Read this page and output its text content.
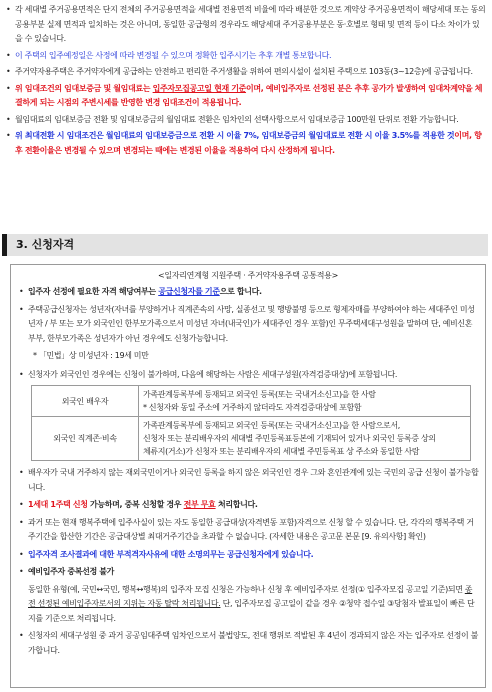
• 각 세대별 주거공용면적은 단지 전체의 주거공용면적을 세대별 전용면적 비율에 따라 배분한 것으로 계약상 주거공용면적이 해당세대 또는 동의 공용부분 실제 면적과 일치하는 것은 아니며, 동일한 공급형의 경우라도 해당세대 주거공용부분은 동·호별로 형태 및 면적 등이 다소 차이가 있을 수 있습니다.
• 이 주택의 입주예정일은 사정에 따라 변경될 수 있으며 정확한 입주시기는 추후 개별 통보합니다.
• 주거약자용주택은 주거약자에게 공급하는 안전하고 편리한 주거생활을 위하여 편의시설이 설치된 주택으로 103동(3~12층)에 공급됩니다.
• 위 임대조건의 임대보증금 및 월임대료는 입주자모집공고일 현재 기준이며, 예비입주자로 선정된 분은 추후 공가가 발생하여 임대차계약을 체결하게 되는 시점의 주변시세를 반영한 변경 임대조건이 적용됩니다.
• 월임대료의 임대보증금 전환 및 임대보증금의 월임대료 전환은 임차인의 선택사항으로서 임대보증금 100만원 단위로 전환 가능합니다.
• 위 최대전환 시 임대조건은 월임대료의 임대보증금으로 전환 시 이율 7%, 임대보증금의 월임대료로 전환 시 이율 3.5%를 적용한 것이며, 향후 전환이율은 변경될 수 있으며 변경되는 때에는 변경된 이율을 적용하여 다시 산정하게 됩니다.
3. 신청자격
<일자리연계형 지원주택 · 주거약자용주택 공통적용>
• 입주자 선정에 필요한 자격 해당여부는 공급신청자를 기준으로 합니다.
• 주택공급신청자는 성년자(자녀를 부양하거나 직계존속의 사망, 실종선고 및 행방불명 등으로 형제자매를 부양하여야 하는 세대주인 미성년자 / 부 또는 모가 외국인인 한부모가족으로서 미성년 자녀(내국인)가 세대주인 경우 포함)인 무주택세대구성원을 말하며 단, 예비신혼부부, 한부모가족은 성년자가 아닌 경우에도 신청가능합니다.
* 「민법」상 미성년자 : 19세 미만
• 신청자가 외국인인 경우에는 신청이 불가하며, 다음에 해당하는 사람은 세대구성원(자격검증대상)에 포함됩니다.
외국인 배우자	가족관계등록부에 등재되고 외국인 등록(또는 국내거소신고)을 한 사람
* 신청자와 동일 주소에 거주하지 않더라도 자격검증대상에 포함함

외국인 직계존·비속	가족관계등록부에 등재되고 외국인 등록(또는 국내거소신고)을 한 사람으로서,
신청자 또는 분리배우자의 세대별 주민등록표등본에 기재되어 있거나 외국인 등록증 상의
체류지(거소)가 신청자 또는 분리배우자의 세대별 주민등록표 상 주소와 동일한 사람
• 배우자가 국내 거주하지 않는 재외국민이거나 외국인 등록을 하지 않은 외국인인 경우 그와 혼인관계에 있는 국민의 공급 신청이 불가능합니다.
• 1세대 1주택 신청 가능하며, 중복 신청할 경우 전부 무효 처리합니다.
• 과거 또는 현재 행복주택에 입주사실이 있는 자도 동일한 공급대상(자격변동 포함)자격으로 신청 할 수 있습니다. 단, 각각의 행복주택 거주기간을 합산한 기간은 공급대상별 최대거주기간을 초과할 수 없습니다. (자세한 내용은 공고문 본문 [9. 유의사항] 확인)
• 입주자격 조사결과에 대한 부적격자사유에 대한 소명의무는 공급신청자에게 있습니다.
• 예비입주자 중복선정 불가
동일한 유형(예, 국민↔국민, 행복↔행복)의 입주자 모집 신청은 가능하나 신청 후 예비입주자로 선정(① 입주자모집 공고일 기준)되면 종전 선정된 예비입주자로서의 지위는 자동 탈락 처리됩니다. 단, 입주자모집 공고일이 같을 경우 ②청약 접수일 ③당첨자 발표일이 빠른 단지를 기준으로 처리됩니다.
• 신청자의 세대구성원 중 과거 공공임대주택 임차인으로서 불법양도, 전대 행위로 적발된 후 4년이 경과되지 않은 자는 입주자로 선정이 불가합니다.
